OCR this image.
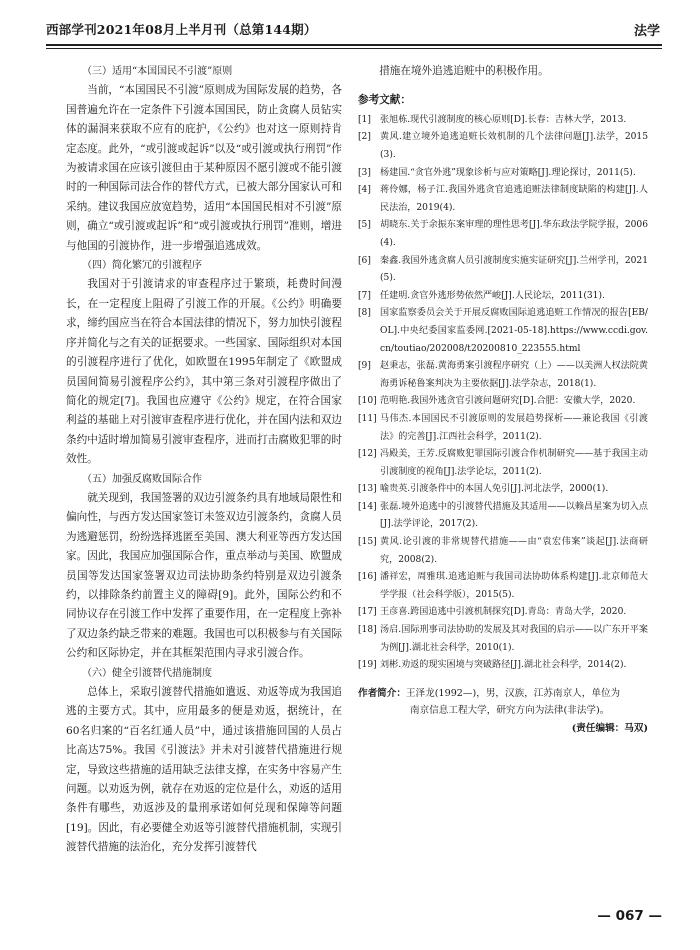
西部学刊2021年08月上半月刊（总第144期）	法学

（三）适用“本国国民不引渡”原则

当前，“本国国民不引渡”原则成为国际发展的趋势，各国普遍允许在一定条件下引渡本国国民，防止贪腐人员钻实体的漏洞来获取不应有的庇护，《公约》也对这一原则持肯定态度。此外，“或引渡或起诉”以及“或引渡或执行刑罚”作为被请求国在应该引渡但由于某种原因不愿引渡或不能引渡时的一种国际司法合作的替代方式，已被大部分国家认可和采纳。建议我国应放宽趋势，适用“本国国民相对不引渡”原则，确立“或引渡或起诉”和“或引渡或执行刑罚”准则，增进与他国的引渡协作，进一步增强追逃成效。

（四）简化繁冗的引渡程序

我国对于引渡请求的审查程序过于繁琐，耗费时间漫长，在一定程度上阻碍了引渡工作的开展。《公约》明确要求，缔约国应当在符合本国法律的情况下，努力加快引渡程序并简化与之有关的证据要求。一些国家、国际组织对本国的引渡程序进行了优化，如欧盟在1995年制定了《欧盟成员国间简易引渡程序公约》，其中第三条对引渡程序做出了简化的规定[7]。我国也应遵守《公约》规定，在符合国家利益的基础上对引渡审查程序进行优化，并在国内法和双边条约中适时增加简易引渡审查程序，进而打击腐败犯罪的时效性。

（五）加强反腐败国际合作

就关现到，我国签署的双边引渡条约具有地域局限性和偏向性，与西方发达国家签订未签双边引渡条约，贪腐人员为逃避惩罚，纷纷选择逃匿至美国、澳大利亚等西方发达国家。因此，我国应加强国际合作，重点举动与美国、欧盟成员国等发达国家签署双边司法协助条约特别是双边引渡条约，以排除条约前置主义的障碍[9]。此外，国际公约和不同协议存在引渡工作中发挥了重要作用，在一定程度上弥补了双边条约缺乏带来的难题。我国也可以积极参与有关国际公约和区际协定，并在其框架范围内寻求引渡合作。

（六）健全引渡替代措施制度

总体上，采取引渡替代措施如遣返、劝返等成为我国追逃的主要方式。其中，应用最多的便是劝返，据统计，在60名归案的“百名红通人员”中，通过该措施回国的人员占比高达75%。我国《引渡法》并未对引渡替代措施进行规定，导致这些措施的适用缺乏法律支撑，在实务中容易产生问题。以劝返为例，就存在劝返的定位是什么，劝返的适用条件有哪些，劝返涉及的量刑承诺如何兑现和保障等问题[19]。因此，有必要健全劝返等引渡替代措施机制，实现引渡替代措施的法治化，充分发挥引渡替代

措施在境外追逃追赃中的积极作用。

参考文献：

[1]	张旭栋.现代引渡制度的核心原则[D].长春：吉林大学，2013.
[2]	黄风.建立境外追逃追赃长效机制的几个法律问题[J].法学，2015(3).
[3]	杨建国.“贪官外逃”现象诊析与应对策略[J].理论探讨，2011(5).
[4]	蒋伶娜，杨子江.我国外逃贪官追逃追赃法律制度缺陷的构建[J].人民法治，2019(4).
[5]	胡晓东.关于余振东案审理的理性思考[J].华东政法学院学报，2006(4).
[6]	秦鑫.我国外逃贪腐人员引渡制度实施实证研究[J].兰州学刊，2021(5).
[7]	任建明.贪官外逃形势依然严峻[J].人民论坛，2011(31).
[8]	国家监察委员会关于开展反腐败国际追逃追赃工作情况的报告[EB/OL].中央纪委国家监委网.[2021-05-18].https://www.ccdi.gov.cn/toutiao/202008/t20200810_223555.html
[9]	赵秉志，张磊.黄海勇案引渡程序研究（上）——以美洲人权法院黄海勇诉秘鲁案判决为主要依据[J].法学杂志，2018(1).
[10] 范明艳.我国外逃贪官引渡问题研究[D].合肥：安徽大学，2020.
[11] 马伟杰.本国国民不引渡原则的发展趋势探析——兼论我国《引渡法》的完善[J].江西社会科学，2011(2).
[12] 冯殿美，王芳.反腐败犯罪国际引渡合作机制研究——基于我国主动引渡制度的视角[J].法学论坛，2011(2).
[13] 喻贵英.引渡条件中的本国人免引[J].河北法学，2000(1).
[14] 张磊.境外追逃中的引渡替代措施及其适用——以赖昌星案为切入点[J].法学评论，2017(2).
[15] 黄风.论引渡的非常规替代措施——由“袁宏伟案”谈起[J].法商研究，2008(2).
[16] 潘祥宏，周雅琪.追逃追赃与我国司法协助体系构建[J].北京师范大学学报（社会科学版），2015(5).
[17] 王彦喜.跨国追逃中引渡机制探究[D].青岛：青岛大学，2020.
[18] 汤启.国际刑事司法协助的发展及其对我国的启示——以广东开平案为例[J].湖北社会科学，2010(1).
[19] 刘彬.劝返的现实困境与突破路径[J].湖北社会科学，2014(2).
作者简介：王泽龙(1992—)，男，汉族，江苏南京人，单位为
南京信息工程大学，研究方向为法律(非法学)。
(责任编辑：马双)
— 067 —
